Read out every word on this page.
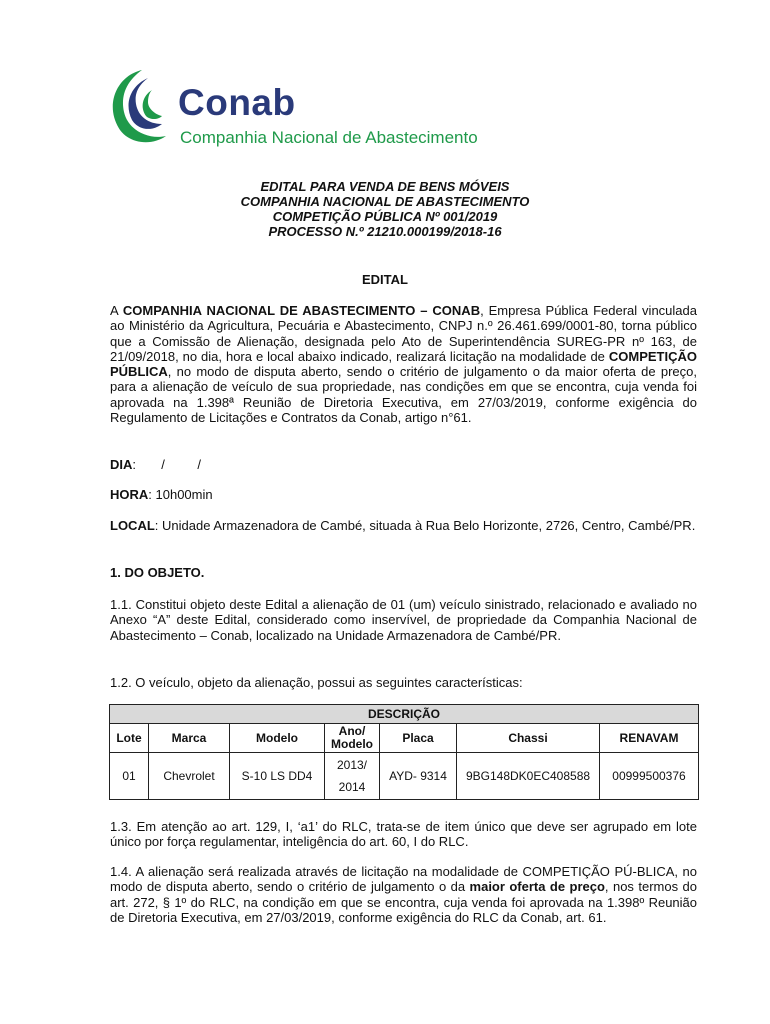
Conab
Companhia Nacional de Abastecimento
EDITAL PARA VENDA DE BENS MÓVEIS
COMPANHIA NACIONAL DE ABASTECIMENTO
COMPETIÇÃO PÚBLICA Nº 001/2019
PROCESSO N.º 21210.000199/2018-16
EDITAL
A COMPANHIA NACIONAL DE ABASTECIMENTO – CONAB, Empresa Pública Federal vinculada ao Ministério da Agricultura, Pecuária e Abastecimento, CNPJ n.º 26.461.699/0001-80, torna público que a Comissão de Alienação, designada pelo Ato de Superintendência SUREG-PR nº 163, de 21/09/2018, no dia, hora e local abaixo indicado, realizará licitação na modalidade de COMPETIÇÃO PÚBLICA, no modo de disputa aberto, sendo o critério de julgamento o da maior oferta de preço, para a alienação de veículo de sua propriedade, nas condições em que se encontra, cuja venda foi aprovada na 1.398ª Reunião de Diretoria Executiva, em 27/03/2019, conforme exigência do Regulamento de Licitações e Contratos da Conab, artigo n°61.
DIA:       /         /
HORA: 10h00min
LOCAL: Unidade Armazenadora de Cambé, situada à Rua Belo Horizonte, 2726, Centro, Cambé/PR.
1. DO OBJETO.
1.1. Constitui objeto deste Edital a alienação de 01 (um) veículo sinistrado, relacionado e avaliado no Anexo “A” deste Edital, considerado como inservível, de propriedade da Companhia Nacional de Abastecimento – Conab, localizado na Unidade Armazenadora de Cambé/PR.
1.2. O veículo, objeto da alienação, possui as seguintes características:
DESCRIÇÃO						
Lote	Marca	Modelo	Ano/ Modelo	Placa	Chassi	RENAVAM
01	Chevrolet	S-10 LS DD4	2013/ 2014	AYD- 9314	9BG148DK0EC408588	00999500376
1.3. Em atenção ao art. 129, I, ‘a1’ do RLC, trata-se de item único que deve ser agrupado em lote único por força regulamentar, inteligência do art. 60, I do RLC.
1.4. A alienação será realizada através de licitação na modalidade de COMPETIÇÃO PÚ-BLICA, no modo de disputa aberto, sendo o critério de julgamento o da maior oferta de preço, nos termos do art. 272, § 1º do RLC, na condição em que se encontra, cuja venda foi aprovada na 1.398º Reunião de Diretoria Executiva, em 27/03/2019, conforme exigência do RLC da Conab, art. 61.
